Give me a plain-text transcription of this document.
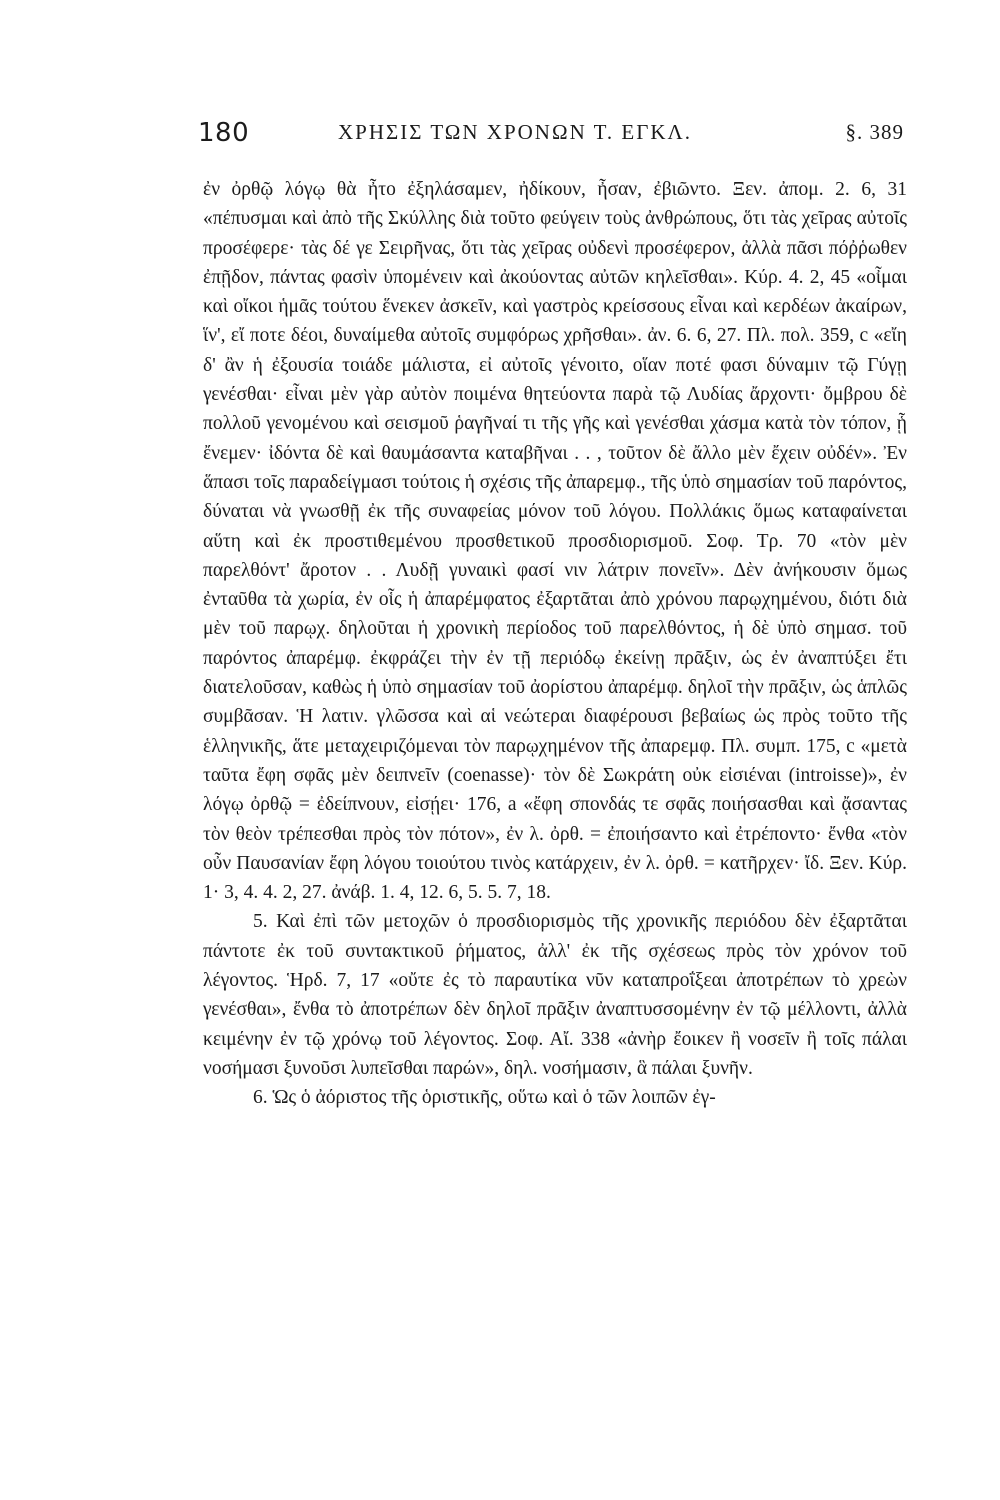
180	ΧΡΗΣΙΣ ΤΩΝ ΧΡΟΝΩΝ Τ. ΕΓΚΛ.	§. 389

ἐν ὀρθῷ λόγῳ θὰ ἦτο ἐξηλάσαμεν, ἠδίκουν, ἦσαν, ἐβιῶντο. Ξεν. ἀπομ. 2. 6, 31 «πέπυσμαι καὶ ἀπὸ τῆς Σκύλλης διὰ τοῦτο φεύγειν τοὺς ἀνθρώπους, ὅτι τὰς χεῖρας αὐτοῖς προσέφερε· τὰς δέ γε Σειρῆνας, ὅτι τὰς χεῖρας οὐδενὶ προσέφερον, ἀλλὰ πᾶσι πόῤῥωθεν ἐπῇδον, πάντας φασὶν ὑπομένειν καὶ ἀκούοντας αὐτῶν κηλεῖσθαι». Κύρ. 4. 2, 45 «οἶμαι καὶ οἴκοι ἡμᾶς τούτου ἕνεκεν ἀσκεῖν, καὶ γαστρὸς κρείσσους εἶναι καὶ κερδέων ἀκαίρων, ἵν', εἴ ποτε δέοι, δυναίμεθα αὐτοῖς συμφόρως χρῆσθαι». ἀν. 6. 6, 27. Πλ. πολ. 359, c «εἴη δ' ἂν ἡ ἐξουσία τοιάδε μάλιστα, εἰ αὐτοῖς γένοιτο, οἵαν ποτέ φασι δύναμιν τῷ Γύγῃ γενέσθαι· εἶναι μὲν γὰρ αὐτὸν ποιμένα θητεύοντα παρὰ τῷ Λυδίας ἄρχοντι· ὄμβρου δὲ πολλοῦ γενομένου καὶ σεισμοῦ ῥαγῆναί τι τῆς γῆς καὶ γενέσθαι χάσμα κατὰ τὸν τόπον, ᾗ ἔνεμεν· ἰδόντα δὲ καὶ θαυμάσαντα καταβῆναι . . , τοῦτον δὲ ἄλλο μὲν ἔχειν οὐδέν». Ἐν ἅπασι τοῖς παραδείγμασι τούτοις ἡ σχέσις τῆς ἀπαρεμφ., τῆς ὑπὸ σημασίαν τοῦ παρόντος, δύναται νὰ γνωσθῇ ἐκ τῆς συναφείας μόνον τοῦ λόγου. Πολλάκις ὅμως καταφαίνεται αὕτη καὶ ἐκ προστιθεμένου προσθετικοῦ προσδιορισμοῦ. Σοφ. Τρ. 70 «τὸν μὲν παρελθόντ' ἄροτον . . Λυδῇ γυναικὶ φασί νιν λάτριν πονεῖν». Δὲν ἀνήκουσιν ὅμως ἐνταῦθα τὰ χωρία, ἐν οἷς ἡ ἀπαρέμφατος ἐξαρτᾶται ἀπὸ χρόνου παρῳχημένου, διότι διὰ μὲν τοῦ παρῳχ. δηλοῦται ἡ χρονικὴ περίοδος τοῦ παρελθόντος, ἡ δὲ ὑπὸ σημασ. τοῦ παρόντος ἀπαρέμφ. ἐκφράζει τὴν ἐν τῇ περιόδῳ ἐκείνῃ πρᾶξιν, ὡς ἐν ἀναπτύξει ἔτι διατελοῦσαν, καθὼς ἡ ὑπὸ σημασίαν τοῦ ἀορίστου ἀπαρέμφ. δηλοῖ τὴν πρᾶξιν, ὡς ἁπλῶς συμβᾶσαν. Ἡ λατιν. γλῶσσα καὶ αἱ νεώτεραι διαφέρουσι βεβαίως ὡς πρὸς τοῦτο τῆς ἑλληνικῆς, ἅτε μεταχειριζόμεναι τὸν παρῳχημένον τῆς ἀπαρεμφ. Πλ. συμπ. 175, c «μετὰ ταῦτα ἔφη σφᾶς μὲν δειπνεῖν (coenasse)· τὸν δὲ Σωκράτη οὐκ εἰσιέναι (introisse)», ἐν λόγῳ ὀρθῷ = ἐδείπνουν, εἰσῄει· 176, a «ἔφη σπονδάς τε σφᾶς ποιήσασθαι καὶ ᾄσαντας τὸν θεὸν τρέπεσθαι πρὸς τὸν πότον», ἐν λ. ὀρθ. = ἐποιήσαντο καὶ ἐτρέποντο· ἔνθα «τὸν οὖν Παυσανίαν ἔφη λόγου τοιούτου τινὸς κατάρχειν, ἐν λ. ὀρθ. = κατῆρχεν· ἴδ. Ξεν. Κύρ. 1· 3, 4. 4. 2, 27. ἀνάβ. 1. 4, 12. 6, 5. 5. 7, 18.

5. Καὶ ἐπὶ τῶν μετοχῶν ὁ προσδιορισμὸς τῆς χρονικῆς περιόδου δὲν ἐξαρτᾶται πάντοτε ἐκ τοῦ συντακτικοῦ ῥήματος, ἀλλ' ἐκ τῆς σχέσεως πρὸς τὸν χρόνον τοῦ λέγοντος. Ἡρδ. 7, 17 «οὔτε ἐς τὸ παραυτίκα νῦν καταπροΐξεαι ἀποτρέπων τὸ χρεὼν γενέσθαι», ἔνθα τὸ ἀποτρέπων δὲν δηλοῖ πρᾶξιν ἀναπτυσσομένην ἐν τῷ μέλλοντι, ἀλλὰ κειμένην ἐν τῷ χρόνῳ τοῦ λέγοντος. Σοφ. Αἴ. 338 «ἀνὴρ ἔοικεν ἢ νοσεῖν ἢ τοῖς πάλαι νοσήμασι ξυνοῦσι λυπεῖσθαι παρών», δηλ. νοσήμασιν, ἃ πάλαι ξυνῆν.

6. Ὡς ὁ ἀόριστος τῆς ὁριστικῆς, οὕτω καὶ ὁ τῶν λοιπῶν ἐγ-
